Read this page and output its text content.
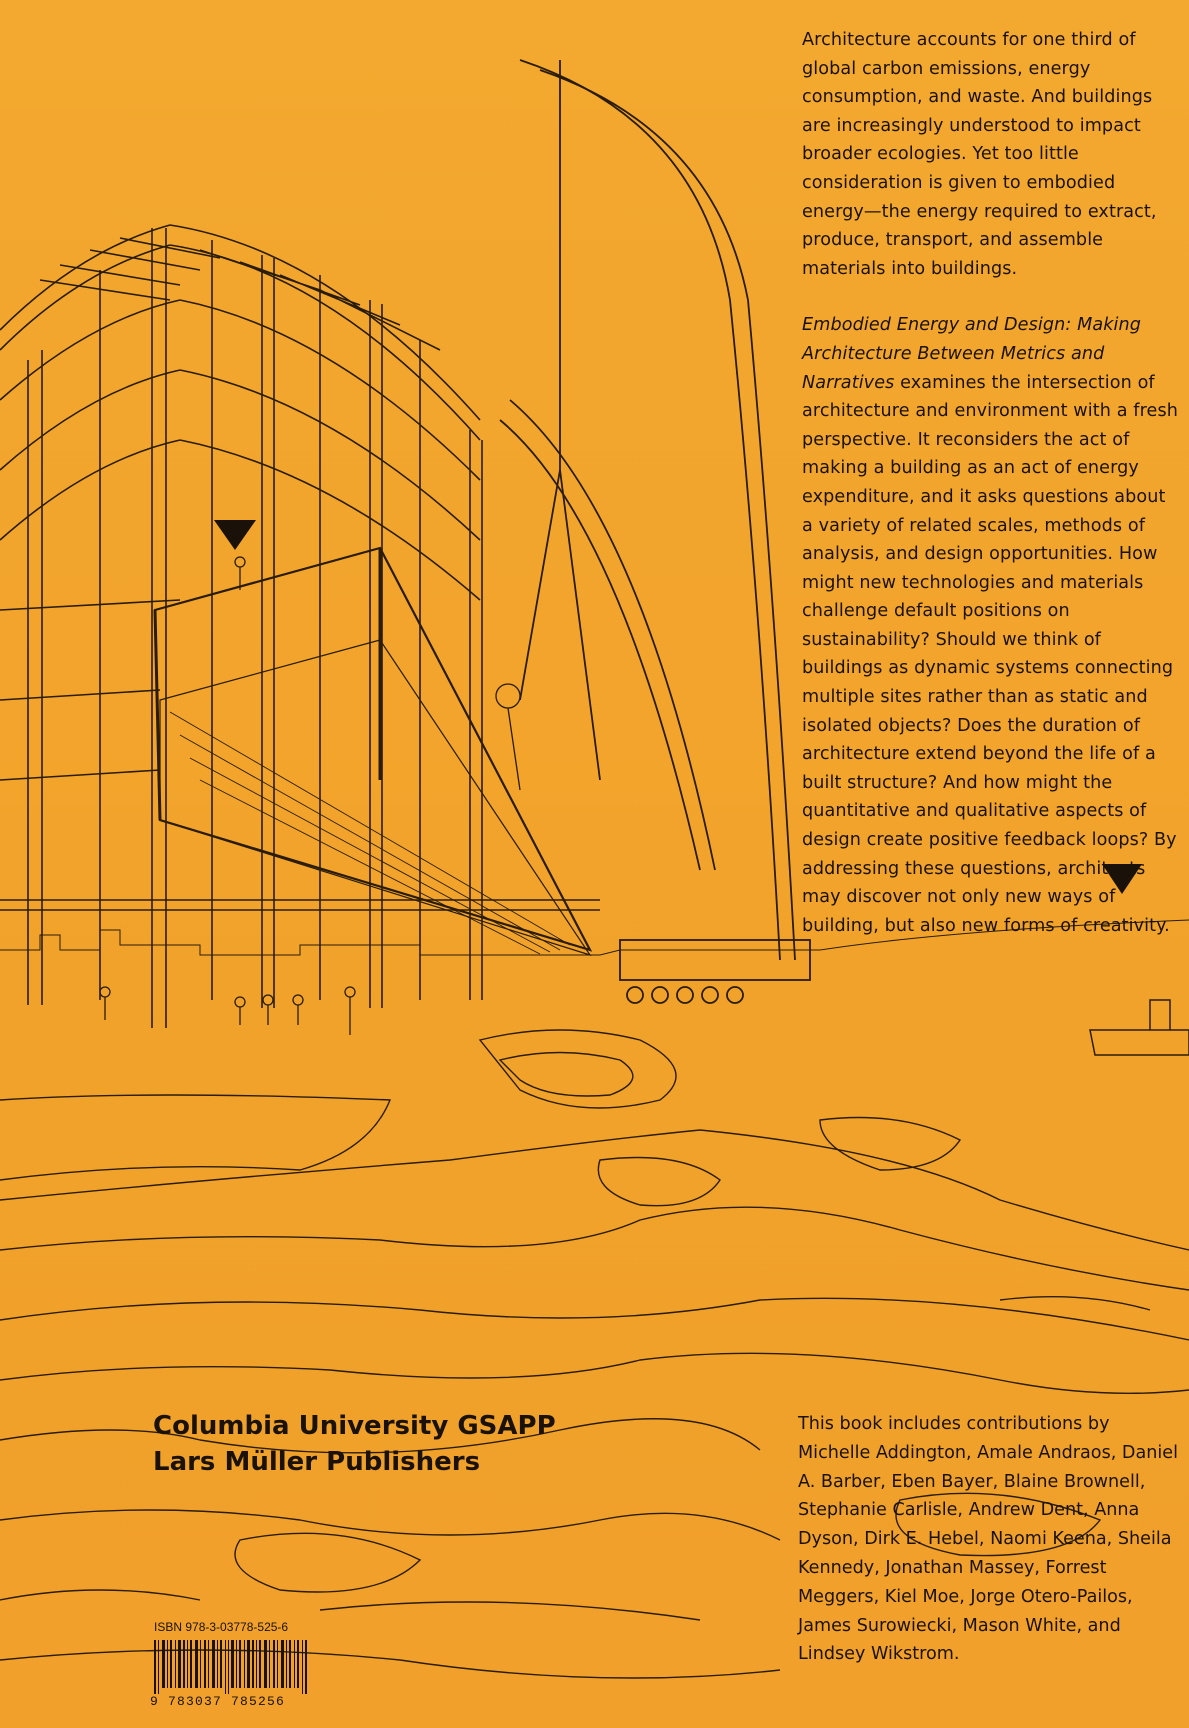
Architecture accounts for one third of global carbon emissions, energy consumption, and waste. And buildings are increasingly understood to impact broader ecologies. Yet too little consideration is given to embodied energy—the energy required to extract, produce, transport, and assemble materials into buildings.

Embodied Energy and Design: Making Architecture Between Metrics and Narratives examines the intersection of architecture and environment with a fresh perspective. It reconsiders the act of making a building as an act of energy expenditure, and it asks questions about a variety of related scales, methods of analysis, and design opportunities. How might new technologies and materials challenge default positions on sustainability? Should we think of buildings as dynamic systems connecting multiple sites rather than as static and isolated objects? Does the duration of architecture extend beyond the life of a built structure? And how might the quantitative and qualitative aspects of design create positive feedback loops? By addressing these questions, architects may discover not only new ways of building, but also new forms of creativity.

Columbia University GSAPP
Lars Müller Publishers
This book includes contributions by Michelle Addington, Amale Andraos, Daniel A. Barber, Eben Bayer, Blaine Brownell, Stephanie Carlisle, Andrew Dent, Anna Dyson, Dirk E. Hebel, Naomi Keena, Sheila Kennedy, Jonathan Massey, Forrest Meggers, Kiel Moe, Jorge Otero-Pailos, James Surowiecki, Mason White, and Lindsey Wikstrom.
ISBN 978-3-03778-525-6
9 783037 785256
